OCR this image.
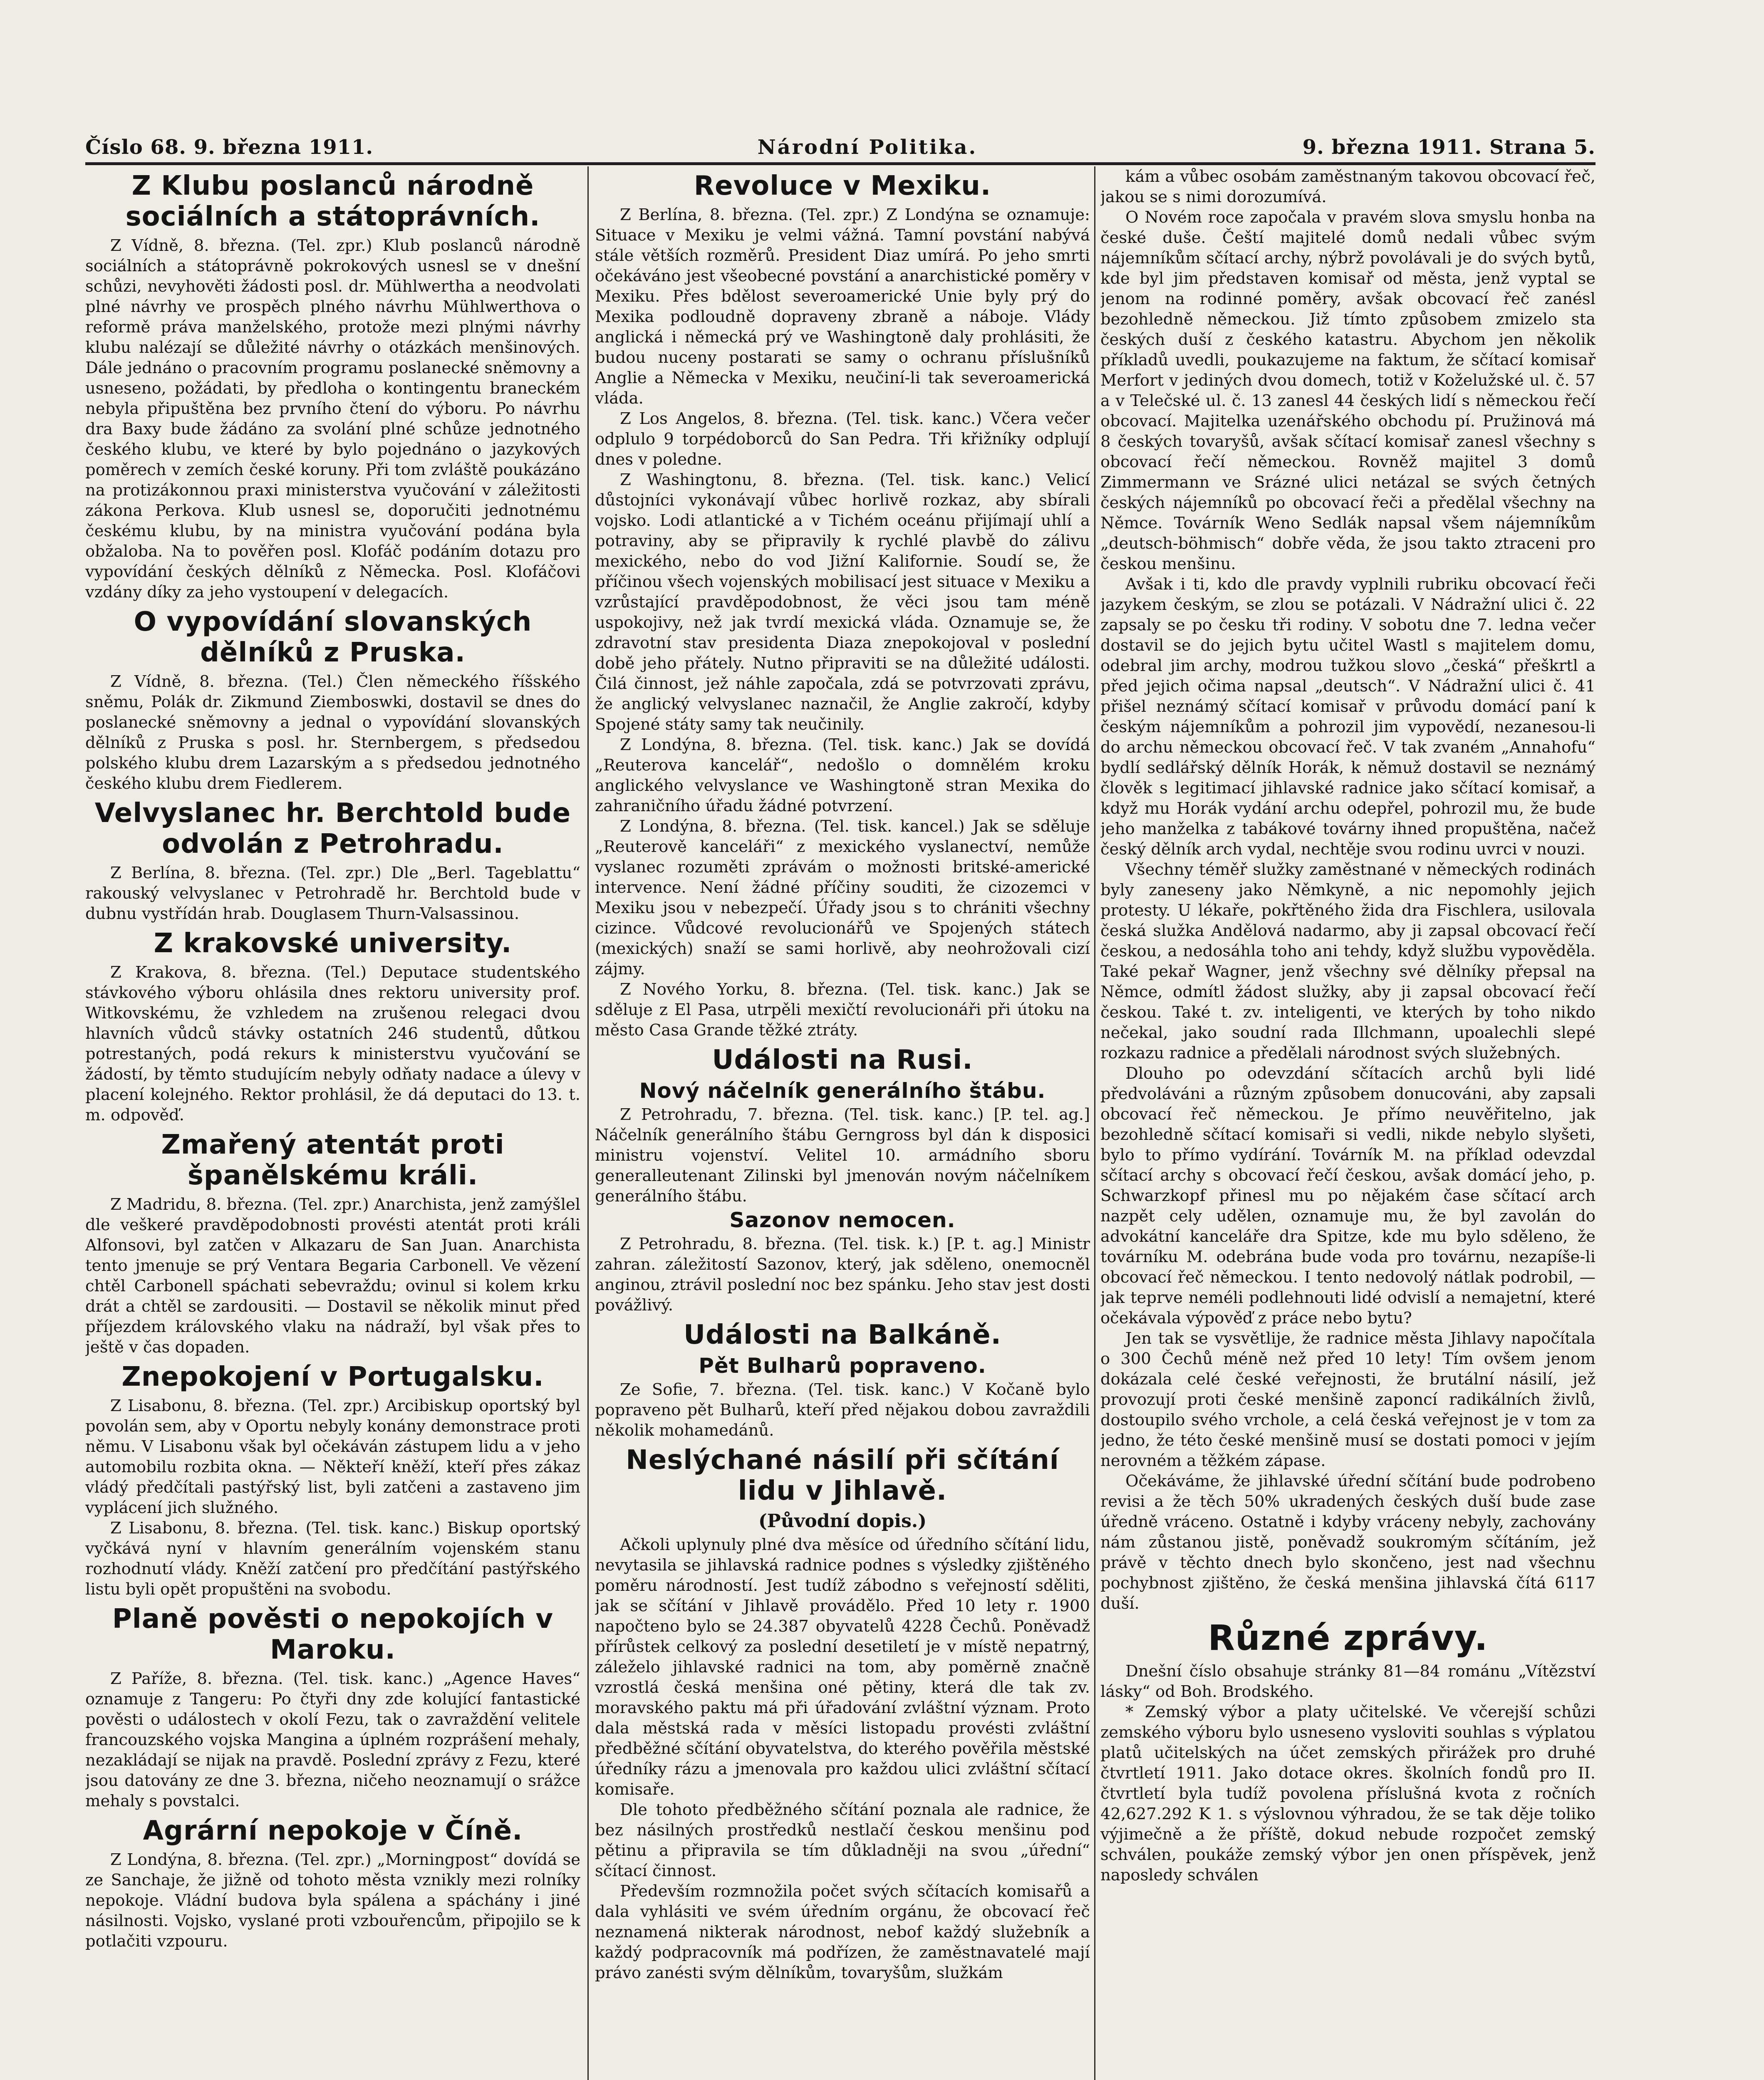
Číslo 68. 9. března 1911.	Národní Politika.	9. března 1911. Strana 5.
Z Klubu poslanců národně sociálních a státoprávních.

Z Vídně, 8. března. (Tel. zpr.) Klub poslanců národně sociálních a státoprávně pokrokových usnesl se v dnešní schůzi, nevyhověti žádosti posl. dr. Mühlwertha a neodvolati plné návrhy ve prospěch plného návrhu Mühlwerthova o reformě práva manželského, protože mezi plnými návrhy klubu nalézají se důležité návrhy o otázkách menšinových. Dále jednáno o pracovním programu poslanecké sněmovny a usneseno, požádati, by předloha o kontingentu braneckém nebyla připuštěna bez prvního čtení do výboru. Po návrhu dra Baxy bude žádáno za svolání plné schůze jednotného českého klubu, ve které by bylo pojednáno o jazykových poměrech v zemích české koruny. Při tom zvláště poukázáno na protizákonnou praxi ministerstva vyučování v záležitosti zákona Perkova. Klub usnesl se, doporučiti jednotnému českému klubu, by na ministra vyučování podána byla obžaloba. Na to pověřen posl. Klofáč podáním dotazu pro vypovídání českých dělníků z Německa. Posl. Klofáčovi vzdány díky za jeho vystoupení v delegacích.

O vypovídání slovanských dělníků z Pruska.

Z Vídně, 8. března. (Tel.) Člen německého říšského sněmu, Polák dr. Zikmund Ziemboswki, dostavil se dnes do poslanecké sněmovny a jednal o vypovídání slovanských dělníků z Pruska s posl. hr. Sternbergem, s předsedou polského klubu drem Lazarským a s předsedou jednotného českého klubu drem Fiedlerem.

Velvyslanec hr. Berchtold bude odvolán z Petrohradu.

Z Berlína, 8. března. (Tel. zpr.) Dle „Berl. Tageblattu“ rakouský velvyslanec v Petrohradě hr. Berchtold bude v dubnu vystřídán hrab. Douglasem Thurn-Valsassinou.

Z krakovské university.

Z Krakova, 8. března. (Tel.) Deputace studentského stávkového výboru ohlásila dnes rektoru university prof. Witkovskému, že vzhledem na zrušenou relegaci dvou hlavních vůdců stávky ostatních 246 studentů, důtkou potrestaných, podá rekurs k ministerstvu vyučování se žádostí, by těmto studujícím nebyly odňaty nadace a úlevy v placení kolejného. Rektor prohlásil, že dá deputaci do 13. t. m. odpověď.

Zmařený atentát proti španělskému králi.

Z Madridu, 8. března. (Tel. zpr.) Anarchista, jenž zamýšlel dle veškeré pravděpodobnosti provésti atentát proti králi Alfonsovi, byl zatčen v Alkazaru de San Juan. Anarchista tento jmenuje se prý Ventara Begaria Carbonell. Ve vězení chtěl Carbonell spáchati sebevraždu; ovinul si kolem krku drát a chtěl se zardousiti. — Dostavil se několik minut před příjezdem královského vlaku na nádraží, byl však přes to ještě v čas dopaden.

Znepokojení v Portugalsku.

Z Lisabonu, 8. března. (Tel. zpr.) Arcibiskup oportský byl povolán sem, aby v Oportu nebyly konány demonstrace proti němu. V Lisabonu však byl očekáván zástupem lidu a v jeho automobilu rozbita okna. — Někteří kněží, kteří přes zákaz vládý předčítali pastýřský list, byli zatčeni a zastaveno jim vyplácení jich služného.

Z Lisabonu, 8. března. (Tel. tisk. kanc.) Biskup oportský vyčkává nyní v hlavním generálním vojenském stanu rozhodnutí vlády. Kněží zatčení pro předčítání pastýřského listu byli opět propuštěni na svobodu.

Planě pověsti o nepokojích v Maroku.

Z Paříže, 8. března. (Tel. tisk. kanc.) „Agence Haves“ oznamuje z Tangeru: Po čtyři dny zde kolující fantastické pověsti o událostech v okolí Fezu, tak o zavraždění velitele francouzského vojska Mangina a úplném rozprášení mehaly, nezakládají se nijak na pravdě. Poslední zprávy z Fezu, které jsou datovány ze dne 3. března, ničeho neoznamují o srážce mehaly s povstalci.

Agrární nepokoje v Číně.

Z Londýna, 8. března. (Tel. zpr.) „Morningpost“ dovídá se ze Sanchaje, že jižně od tohoto města vznikly mezi rolníky nepokoje. Vládní budova byla spálena a spáchány i jiné násilnosti. Vojsko, vyslané proti vzbouřencům, připojilo se k potlačiti vzpouru.

Revoluce v Mexiku.

Z Berlína, 8. března. (Tel. zpr.) Z Londýna se oznamuje: Situace v Mexiku je velmi vážná. Tamní povstání nabývá stále větších rozměrů. President Diaz umírá. Po jeho smrti očekáváno jest všeobecné povstání a anarchistické poměry v Mexiku. Přes bdělost severoamerické Unie byly prý do Mexika podloudně dopraveny zbraně a náboje. Vlády anglická i německá prý ve Washingtoně daly prohlásiti, že budou nuceny postarati se samy o ochranu příslušníků Anglie a Německa v Mexiku, neučiní-li tak severoamerická vláda.

Z Los Angelos, 8. března. (Tel. tisk. kanc.) Včera večer odplulo 9 torpédoborců do San Pedra. Tři křižníky odplují dnes v poledne.

Z Washingtonu, 8. března. (Tel. tisk. kanc.) Velicí důstojníci vykonávají vůbec horlivě rozkaz, aby sbírali vojsko. Lodi atlantické a v Tichém oceánu přijímají uhlí a potraviny, aby se připravily k rychlé plavbě do zálivu mexického, nebo do vod Jižní Kalifornie. Soudí se, že příčinou všech vojenských mobilisací jest situace v Mexiku a vzrůstající pravděpodobnost, že věci jsou tam méně uspokojivy, než jak tvrdí mexická vláda. Oznamuje se, že zdravotní stav presidenta Diaza znepokojoval v poslední době jeho přátely. Nutno připraviti se na důležité události. Čilá činnost, jež náhle započala, zdá se potvrzovati zprávu, že anglický velvyslanec naznačil, že Anglie zakročí, kdyby Spojené státy samy tak neučinily.

Z Londýna, 8. března. (Tel. tisk. kanc.) Jak se dovídá „Reuterova kancelář“, nedošlo o domnělém kroku anglického velvyslance ve Washingtoně stran Mexika do zahraničního úřadu žádné potvrzení.

Z Londýna, 8. března. (Tel. tisk. kancel.) Jak se sděluje „Reuterově kanceláři“ z mexického vyslanectví, nemůže vyslanec rozuměti zprávám o možnosti britské-americké intervence. Není žádné příčiny souditi, že cizozemci v Mexiku jsou v nebezpečí. Úřady jsou s to chrániti všechny cizince. Vůdcové revolucionářů ve Spojených státech (mexických) snaží se sami horlivě, aby neohrožovali cizí zájmy.

Z Nového Yorku, 8. března. (Tel. tisk. kanc.) Jak se sděluje z El Pasa, utrpěli mexičtí revolucionáři při útoku na město Casa Grande těžké ztráty.

Události na Rusi.
Nový náčelník generálního štábu.

Z Petrohradu, 7. března. (Tel. tisk. kanc.) [P. tel. ag.] Náčelník generálního štábu Gerngross byl dán k disposici ministru vojenství. Velitel 10. armádního sboru generalleutenant Zilinski byl jmenován novým náčelníkem generálního štábu.

Sazonov nemocen.

Z Petrohradu, 8. března. (Tel. tisk. k.) [P. t. ag.] Ministr zahran. záležitostí Sazonov, který, jak sděleno, onemocněl anginou, ztrávil poslední noc bez spánku. Jeho stav jest dosti povážlivý.

Události na Balkáně.
Pět Bulharů popraveno.

Ze Sofie, 7. března. (Tel. tisk. kanc.) V Kočaně bylo popraveno pět Bulharů, kteří před nějakou dobou zavraždili několik mohamedánů.

Neslýchané násilí při sčítání lidu v Jihlavě.
(Původní dopis.)

Ačkoli uplynuly plné dva měsíce od úředního sčítání lidu, nevytasila se jihlavská radnice podnes s výsledky zjištěného poměru národností. Jest tudíž zábodno s veřejností sděliti, jak se sčítání v Jihlavě provádělo. Před 10 lety r. 1900 napočteno bylo se 24.387 obyvatelů 4228 Čechů. Poněvadž přírůstek celkový za poslední desetiletí je v místě nepatrný, záleželo jihlavské radnici na tom, aby poměrně značně vzrostlá česká menšina oné pětiny, která dle tak zv. moravského paktu má při úřadování zvláštní význam. Proto dala městská rada v měsíci listopadu provésti zvláštní předběžné sčítání obyvatelstva, do kterého pověřila městské úředníky rázu a jmenovala pro každou ulici zvláštní sčítací komisaře.

Dle tohoto předběžného sčítání poznala ale radnice, že bez násilných prostředků nestlačí českou menšinu pod pětinu a připravila se tím důkladněji na svou „úřední“ sčítací činnost.

Především rozmnožila počet svých sčítacích komisařů a dala vyhlásiti ve svém úředním orgánu, že obcovací řeč neznamená nikterak národnost, nebof každý služebník a každý podpracovník má podřízen, že zaměstnavatelé mají právo zanésti svým dělníkům, tovaryšům, služkám

kám a vůbec osobám zaměstnaným takovou obcovací řeč, jakou se s nimi dorozumívá.

O Novém roce započala v pravém slova smyslu honba na české duše. Čeští majitelé domů nedali vůbec svým nájemníkům sčítací archy, nýbrž povolávali je do svých bytů, kde byl jim představen komisař od města, jenž vyptal se jenom na rodinné poměry, avšak obcovací řeč zanésl bezohledně německou. Již tímto způsobem zmizelo sta českých duší z českého katastru. Abychom jen několik příkladů uvedli, poukazujeme na faktum, že sčítací komisař Merfort v jediných dvou domech, totiž v Koželužské ul. č. 57 a v Telečské ul. č. 13 zanesl 44 českých lidí s německou řečí obcovací. Majitelka uzenářského obchodu pí. Pružinová má 8 českých tovaryšů, avšak sčítací komisař zanesl všechny s obcovací řečí německou. Rovněž majitel 3 domů Zimmermann ve Srázné ulici netázal se svých četných českých nájemníků po obcovací řeči a předělal všechny na Němce. Továrník Weno Sedlák napsal všem nájemníkům „deutsch-böhmisch“ dobře věda, že jsou takto ztraceni pro českou menšinu.

Avšak i ti, kdo dle pravdy vyplnili rubriku obcovací řeči jazykem českým, se zlou se potázali. V Nádražní ulici č. 22 zapsaly se po česku tři rodiny. V sobotu dne 7. ledna večer dostavil se do jejich bytu učitel Wastl s majitelem domu, odebral jim archy, modrou tužkou slovo „česká“ přeškrtl a před jejich očima napsal „deutsch“. V Nádražní ulici č. 41 přišel neznámý sčítací komisař v průvodu domácí paní k českým nájemníkům a pohrozil jim vypovědí, nezanesou-li do archu německou obcovací řeč. V tak zvaném „Annahofu“ bydlí sedlářský dělník Horák, k němuž dostavil se neznámý člověk s legitimací jihlavské radnice jako sčítací komisař, a když mu Horák vydání archu odepřel, pohrozil mu, že bude jeho manželka z tabákové továrny ihned propuštěna, načež český dělník arch vydal, nechtěje svou rodinu uvrci v nouzi.

Všechny téměř služky zaměstnané v německých rodinách byly zaneseny jako Němkyně, a nic nepomohly jejich protesty. U lékaře, pokřtěného žida dra Fischlera, usilovala česká služka Andělová nadarmo, aby ji zapsal obcovací řečí českou, a nedosáhla toho ani tehdy, když službu vypověděla. Také pekař Wagner, jenž všechny své dělníky přepsal na Němce, odmítl žádost služky, aby ji zapsal obcovací řečí českou. Také t. zv. inteligenti, ve kterých by toho nikdo nečekal, jako soudní rada Illchmann, upoalechli slepé rozkazu radnice a předělali národnost svých služebných.

Dlouho po odevzdání sčítacích archů byli lidé předvoláváni a různým způsobem donucováni, aby zapsali obcovací řeč německou. Je přímo neuvěřitelno, jak bezohledně sčítací komisaři si vedli, nikde nebylo slyšeti, bylo to přímo vydírání. Továrník M. na příklad odevzdal sčítací archy s obcovací řečí českou, avšak domácí jeho, p. Schwarzkopf přinesl mu po nějakém čase sčítací arch nazpět cely udělen, oznamuje mu, že byl zavolán do advokátní kanceláře dra Spitze, kde mu bylo sděleno, že továrníku M. odebrána bude voda pro továrnu, nezapíše-li obcovací řeč německou. I tento nedovolý nátlak podrobil, — jak teprve neméli podlehnouti lidé odvislí a nemajetní, které očekávala výpověď z práce nebo bytu?

Jen tak se vysvětlije, že radnice města Jihlavy napočítala o 300 Čechů méně než před 10 lety! Tím ovšem jenom dokázala celé české veřejnosti, že brutální násilí, jež provozují proti české menšině zaponcí radikálních živlů, dostoupilo svého vrchole, a celá česká veřejnost je v tom za jedno, že této české menšině musí se dostati pomoci v jejím nerovném a těžkém zápase.

Očekáváme, že jihlavské úřední sčítání bude podrobeno revisi a že těch 50% ukradených českých duší bude zase úředně vráceno. Ostatně i kdyby vráceny nebyly, zachovány nám zůstanou jistě, poněvadž soukromým sčítáním, jež právě v těchto dnech bylo skončeno, jest nad všechnu pochybnost zjištěno, že česká menšina jihlavská čítá 6117 duší.

Různé zprávy.

Dnešní číslo obsahuje stránky 81—84 románu „Vítězství lásky“ od Boh. Brodského.

* Zemský výbor a platy učitelské. Ve včerejší schůzi zemského výboru bylo usneseno vysloviti souhlas s výplatou platů učitelských na účet zemských přirážek pro druhé čtvrtletí 1911. Jako dotace okres. školních fondů pro II. čtvrtletí byla tudíž povolena příslušná kvota z ročních 42,627.292 K 1. s výslovnou výhradou, že se tak děje toliko výjimečně a že příště, dokud nebude rozpočet zemský schválen, poukáže zemský výbor jen onen příspěvek, jenž naposledy schválen
